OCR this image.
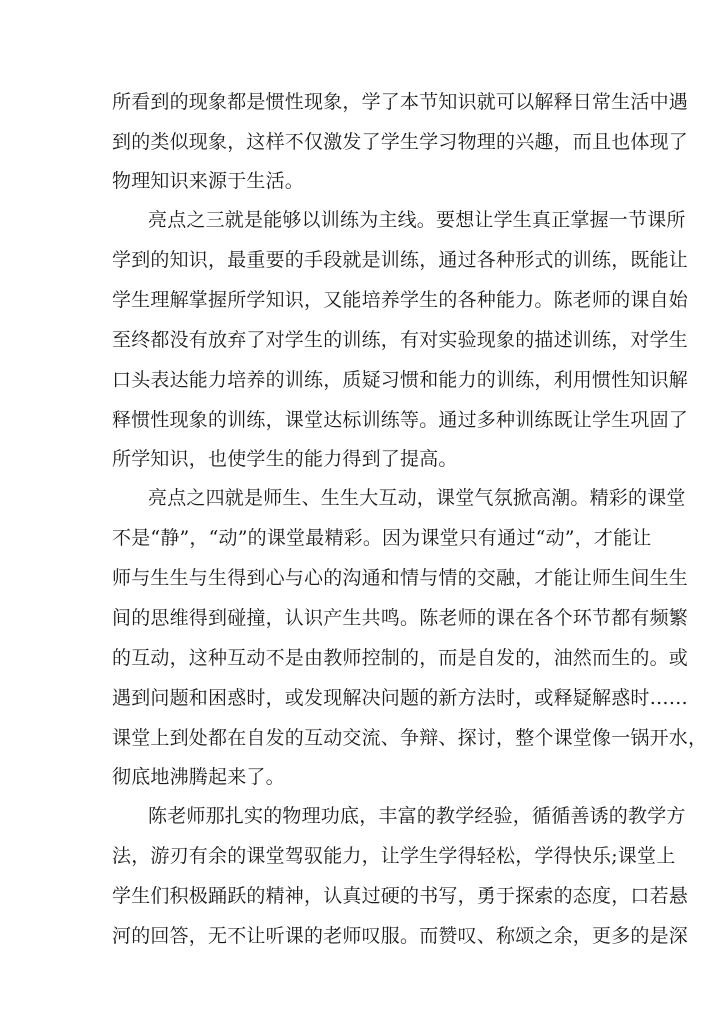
所看到的现象都是惯性现象，学了本节知识就可以解释日常生活中遇
到的类似现象，这样不仅激发了学生学习物理的兴趣，而且也体现了
物理知识来源于生活。
亮点之三就是能够以训练为主线。要想让学生真正掌握一节课所
学到的知识，最重要的手段就是训练，通过各种形式的训练，既能让
学生理解掌握所学知识，又能培养学生的各种能力。陈老师的课自始
至终都没有放弃了对学生的训练，有对实验现象的描述训练，对学生
口头表达能力培养的训练，质疑习惯和能力的训练，利用惯性知识解
释惯性现象的训练，课堂达标训练等。通过多种训练既让学生巩固了
所学知识，也使学生的能力得到了提高。
亮点之四就是师生、生生大互动，课堂气氛掀高潮。精彩的课堂
不是“静”，“动”的课堂最精彩。因为课堂只有通过“动”，才能让
师与生生与生得到心与心的沟通和情与情的交融，才能让师生间生生
间的思维得到碰撞，认识产生共鸣。陈老师的课在各个环节都有频繁
的互动，这种互动不是由教师控制的，而是自发的，油然而生的。或
遇到问题和困惑时，或发现解决问题的新方法时，或释疑解惑时……
课堂上到处都在自发的互动交流、争辩、探讨，整个课堂像一锅开水，
彻底地沸腾起来了。
陈老师那扎实的物理功底，丰富的教学经验，循循善诱的教学方
法，游刃有余的课堂驾驭能力，让学生学得轻松，学得快乐;课堂上
学生们积极踊跃的精神，认真过硬的书写，勇于探索的态度，口若悬
河的回答，无不让听课的老师叹服。而赞叹、称颂之余，更多的是深
